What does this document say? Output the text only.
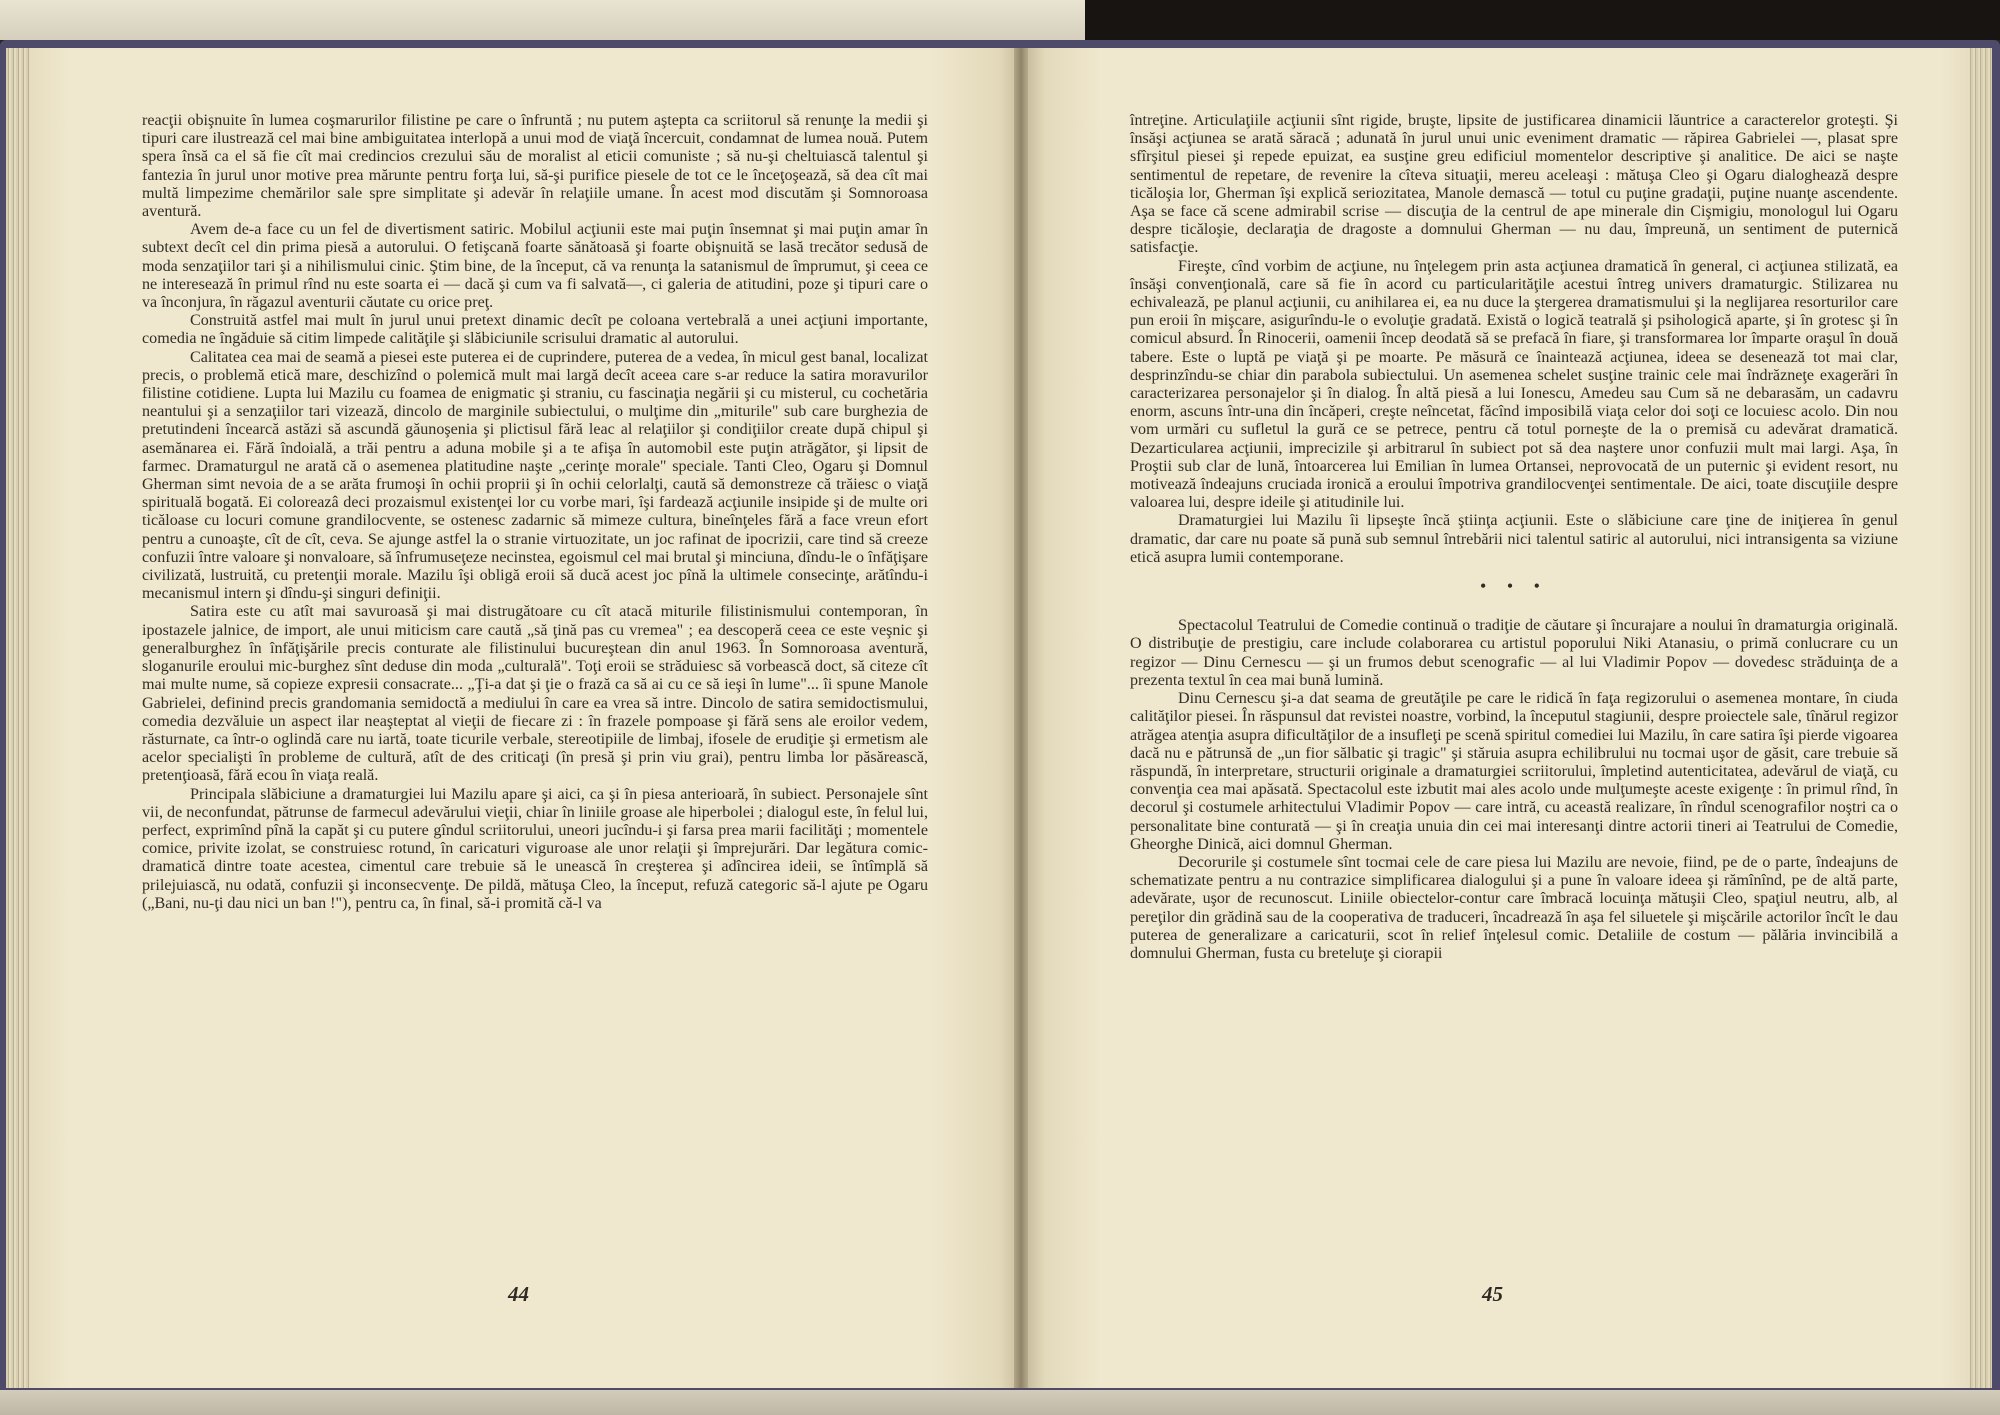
reacţii obişnuite în lumea coşmarurilor filistine pe care o înfruntă ; nu putem aştepta ca scriitorul să renunţe la medii şi tipuri care ilustrează cel mai bine ambiguitatea interlopă a unui mod de viaţă încercuit, condamnat de lumea nouă. Putem spera însă ca el să fie cît mai credincios crezului său de moralist al eticii comuniste ; să nu-şi cheltuiască talentul şi fantezia în jurul unor motive prea mărunte pentru forţa lui, să-şi purifice piesele de tot ce le înceţoşează, să dea cît mai multă limpezime chemărilor sale spre simplitate şi adevăr în relaţiile umane. În acest mod discutăm şi Somnoroasa aventură.

Avem de-a face cu un fel de divertisment satiric. Mobilul acţiunii este mai puţin însemnat şi mai puţin amar în subtext decît cel din prima piesă a autorului. O fetişcană foarte sănătoasă şi foarte obişnuită se lasă trecător sedusă de moda senzaţiilor tari şi a nihilismului cinic. Ştim bine, de la început, că va renunţa la satanismul de împrumut, şi ceea ce ne interesează în primul rînd nu este soarta ei — dacă şi cum va fi salvată—, ci galeria de atitudini, poze şi tipuri care o va înconjura, în răgazul aventurii căutate cu orice preţ.

Construită astfel mai mult în jurul unui pretext dinamic decît pe coloana vertebrală a unei acţiuni importante, comedia ne îngăduie să citim limpede calităţile şi slăbiciunile scrisului dramatic al autorului.

Calitatea cea mai de seamă a piesei este puterea ei de cuprindere, puterea de a vedea, în micul gest banal, localizat precis, o problemă etică mare, deschizînd o polemică mult mai largă decît aceea care s-ar reduce la satira moravurilor filistine cotidiene. Lupta lui Mazilu cu foamea de enigmatic şi straniu, cu fascinaţia negării şi cu misterul, cu cochetăria neantului şi a senzaţiilor tari vizează, dincolo de marginile subiectului, o mulţime din „miturile" sub care burghezia de pretutindeni încearcă astăzi să ascundă găunoşenia şi plictisul fără leac al relaţiilor şi condiţiilor create după chipul şi asemănarea ei. Fără îndoială, a trăi pentru a aduna mobile şi a te afişa în automobil este puţin atrăgător, şi lipsit de farmec. Dramaturgul ne arată că o asemenea platitudine naşte „cerinţe morale" speciale. Tanti Cleo, Ogaru şi Domnul Gherman simt nevoia de a se arăta frumoşi în ochii proprii şi în ochii celorlalţi, caută să demonstreze că trăiesc o viaţă spirituală bogată. Ei coloreazâ deci prozaismul existenţei lor cu vorbe mari, îşi fardează acţiunile insipide şi de multe ori ticăloase cu locuri comune grandilocvente, se ostenesc zadarnic să mimeze cultura, bineînţeles fără a face vreun efort pentru a cunoaşte, cît de cît, ceva. Se ajunge astfel la o stranie virtuozitate, un joc rafinat de ipocrizii, care tind să creeze confuzii între valoare şi nonvaloare, să înfrumuseţeze necinstea, egoismul cel mai brutal şi minciuna, dîndu-le o înfăţişare civilizată, lustruită, cu pretenţii morale. Mazilu îşi obligă eroii să ducă acest joc pînă la ultimele consecinţe, arătîndu-i mecanismul intern şi dîndu-şi singuri definiţii.

Satira este cu atît mai savuroasă şi mai distrugătoare cu cît atacă miturile filistinismului contemporan, în ipostazele jalnice, de import, ale unui miticism care caută „să ţină pas cu vremea" ; ea descoperă ceea ce este veşnic şi generalburghez în înfăţişările precis conturate ale filistinului bucureştean din anul 1963. În Somnoroasa aventură, sloganurile eroului mic-burghez sînt deduse din moda „culturală". Toţi eroii se străduiesc să vorbească doct, să citeze cît mai multe nume, să copieze expresii consacrate... „Ţi-a dat şi ţie o frază ca să ai cu ce să ieşi în lume"... îi spune Manole Gabrielei, definind precis grandomania semidoctă a mediului în care ea vrea să intre. Dincolo de satira semidoctismului, comedia dezvăluie un aspect ilar neaşteptat al vieţii de fiecare zi : în frazele pompoase şi fără sens ale eroilor vedem, răsturnate, ca într-o oglindă care nu iartă, toate ticurile verbale, stereotipiile de limbaj, ifosele de erudiţie şi ermetism ale acelor specialişti în probleme de cultură, atît de des criticaţi (în presă şi prin viu grai), pentru limba lor păsărească, pretenţioasă, fără ecou în viaţa reală.

Principala slăbiciune a dramaturgiei lui Mazilu apare şi aici, ca şi în piesa anterioară, în subiect. Personajele sînt vii, de neconfundat, pătrunse de farmecul adevărului vieţii, chiar în liniile groase ale hiperbolei ; dialogul este, în felul lui, perfect, exprimînd pînă la capăt şi cu putere gîndul scriitorului, uneori jucîndu-i şi farsa prea marii facilităţi ; momentele comice, privite izolat, se construiesc rotund, în caricaturi viguroase ale unor relaţii şi împrejurări. Dar legătura comic-dramatică dintre toate acestea, cimentul care trebuie să le unească în creşterea şi adîncirea ideii, se întîmplă să prilejuiască, nu odată, confuzii şi inconsecvenţe. De pildă, mătuşa Cleo, la început, refuză categoric să-l ajute pe Ogaru („Bani, nu-ţi dau nici un ban !"), pentru ca, în final, să-i promită că-l va

44

întreţine. Articulaţiile acţiunii sînt rigide, bruşte, lipsite de justificarea dinamicii lăuntrice a caracterelor groteşti. Şi însăşi acţiunea se arată săracă ; adunată în jurul unui unic eveniment dramatic — răpirea Gabrielei —, plasat spre sfîrşitul piesei şi repede epuizat, ea susţine greu edificiul momentelor descriptive şi analitice. De aici se naşte sentimentul de repetare, de revenire la cîteva situaţii, mereu aceleaşi : mătuşa Cleo şi Ogaru dialoghează despre ticăloşia lor, Gherman îşi explică seriozitatea, Manole demască — totul cu puţine gradaţii, puţine nuanţe ascendente. Aşa se face că scene admirabil scrise — discuţia de la centrul de ape minerale din Cişmigiu, monologul lui Ogaru despre ticăloşie, declaraţia de dragoste a domnului Gherman — nu dau, împreună, un sentiment de puternică satisfacţie.

Fireşte, cînd vorbim de acţiune, nu înţelegem prin asta acţiunea dramatică în general, ci acţiunea stilizată, ea însăşi convenţională, care să fie în acord cu particularităţile acestui întreg univers dramaturgic. Stilizarea nu echivalează, pe planul acţiunii, cu anihilarea ei, ea nu duce la ştergerea dramatismului şi la neglijarea resorturilor care pun eroii în mişcare, asigurîndu-le o evoluţie gradată. Există o logică teatrală şi psihologică aparte, şi în grotesc şi în comicul absurd. În Rinocerii, oamenii încep deodată să se prefacă în fiare, şi transformarea lor împarte oraşul în două tabere. Este o luptă pe viaţă şi pe moarte. Pe măsură ce înaintează acţiunea, ideea se desenează tot mai clar, desprinzîndu-se chiar din parabola subiectului. Un asemenea schelet susţine trainic cele mai îndrăzneţe exagerări în caracterizarea personajelor şi în dialog. În altă piesă a lui Ionescu, Amedeu sau Cum să ne debarasăm, un cadavru enorm, ascuns într-una din încăperi, creşte neîncetat, făcînd imposibilă viaţa celor doi soţi ce locuiesc acolo. Din nou vom urmări cu sufletul la gură ce se petrece, pentru că totul porneşte de la o premisă cu adevărat dramatică. Dezarticularea acţiunii, imprecizile şi arbitrarul în subiect pot să dea naştere unor confuzii mult mai largi. Aşa, în Proştii sub clar de lună, întoarcerea lui Emilian în lumea Ortansei, neprovocată de un puternic şi evident resort, nu motivează îndeajuns cruciada ironică a eroului împotriva grandilocvenţei sentimentale. De aici, toate discuţiile despre valoarea lui, despre ideile şi atitudinile lui.

Dramaturgiei lui Mazilu îi lipseşte încă ştiinţa acţiunii. Este o slăbiciune care ţine de iniţierea în genul dramatic, dar care nu poate să pună sub semnul întrebării nici talentul satiric al autorului, nici intransigenta sa viziune etică asupra lumii contemporane.

• • •

Spectacolul Teatrului de Comedie continuă o tradiţie de căutare şi încurajare a noului în dramaturgia originală. O distribuţie de prestigiu, care include colaborarea cu artistul poporului Niki Atanasiu, o primă conlucrare cu un regizor — Dinu Cernescu — şi un frumos debut scenografic — al lui Vladimir Popov — dovedesc străduinţa de a prezenta textul în cea mai bună lumină.

Dinu Cernescu şi-a dat seama de greutăţile pe care le ridică în faţa regizorului o asemenea montare, în ciuda calităţilor piesei. În răspunsul dat revistei noastre, vorbind, la începutul stagiunii, despre proiectele sale, tînărul regizor atrăgea atenţia asupra dificultăţilor de a insufleţi pe scenă spiritul comediei lui Mazilu, în care satira îşi pierde vigoarea dacă nu e pătrunsă de „un fior sălbatic şi tragic" şi stăruia asupra echilibrului nu tocmai uşor de găsit, care trebuie să răspundă, în interpretare, structurii originale a dramaturgiei scriitorului, împletind autenticitatea, adevărul de viaţă, cu convenţia cea mai apăsată. Spectacolul este izbutit mai ales acolo unde mulţumeşte aceste exigenţe : în primul rînd, în decorul şi costumele arhitectului Vladimir Popov — care intră, cu această realizare, în rîndul scenografilor noştri ca o personalitate bine conturată — şi în creaţia unuia din cei mai interesanţi dintre actorii tineri ai Teatrului de Comedie, Gheorghe Dinică, aici domnul Gherman.

Decorurile şi costumele sînt tocmai cele de care piesa lui Mazilu are nevoie, fiind, pe de o parte, îndeajuns de schematizate pentru a nu contrazice simplificarea dialogului şi a pune în valoare ideea şi rămînînd, pe de altă parte, adevărate, uşor de recunoscut. Liniile obiectelor-contur care îmbracă locuinţa mătuşii Cleo, spaţiul neutru, alb, al pereţilor din grădină sau de la cooperativa de traduceri, încadrează în aşa fel siluetele şi mişcările actorilor încît le dau puterea de generalizare a caricaturii, scot în relief înţelesul comic. Detaliile de costum — pălăria invincibilă a domnului Gherman, fusta cu breteluţe şi ciorapii

45
